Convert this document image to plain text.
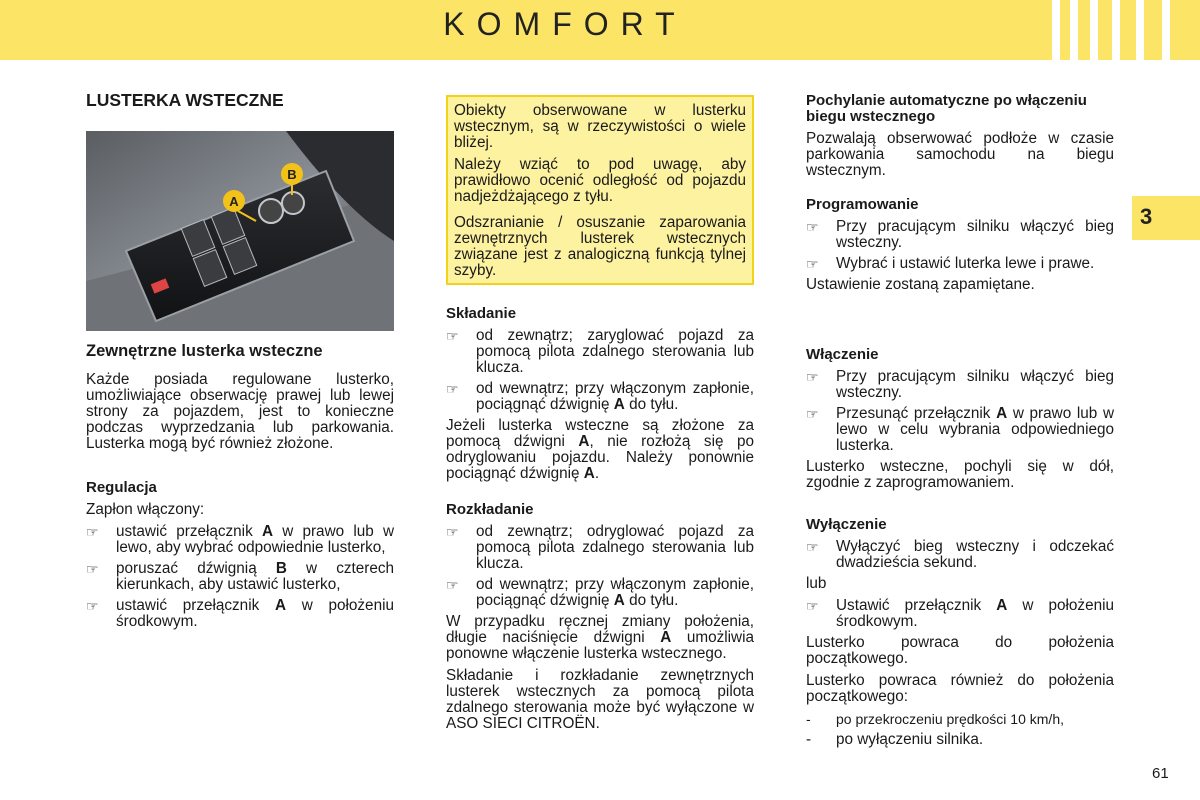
KOMFORT
3
LUSTERKA WSTECZNE
A
B
Zewnętrzne lusterka wsteczne

Każde posiada regulowane lusterko, umożliwiające obserwację prawej lub lewej strony za pojazdem, jest to konieczne podczas wyprzedzania lub parkowania. Lusterka mogą być również złożone.

Regulacja

Zapłon włączony:

☞ ustawić przełącznik A w prawo lub w lewo, aby wybrać odpowiednie lusterko,
☞ poruszać dźwignią B w czterech kierunkach, aby ustawić lusterko,
☞ ustawić przełącznik A w położeniu środkowym.

Obiekty obserwowane w lusterku wstecznym, są w rzeczywistości o wiele bliżej.

Należy wziąć to pod uwagę, aby prawidłowo ocenić odległość od pojazdu nadjeżdżającego z tyłu.

Odszranianie / osuszanie zaparowania zewnętrznych lusterek wstecznych związane jest z analogiczną funkcją tylnej szyby.

Składanie
☞ od zewnątrz; zaryglować pojazd za pomocą pilota zdalnego sterowania lub klucza.
☞ od wewnątrz; przy włączonym zapłonie, pociągnąć dźwignię A do tyłu.

Jeżeli lusterka wsteczne są złożone za pomocą dźwigni A, nie rozłożą się po odryglowaniu pojazdu. Należy ponownie pociągnąć dźwignię A.

Rozkładanie
☞ od zewnątrz; odryglować pojazd za pomocą pilota zdalnego sterowania lub klucza.
☞ od wewnątrz; przy włączonym zapłonie, pociągnąć dźwignię A do tyłu.

W przypadku ręcznej zmiany położenia, długie naciśnięcie dźwigni A umożliwia ponowne włączenie lusterka wstecznego.

Składanie i rozkładanie zewnętrznych lusterek wstecznych za pomocą pilota zdalnego sterowania może być wyłączone w ASO SIECI CITROËN.

Pochylanie automatyczne po włączeniu biegu wstecznego

Pozwalają obserwować podłoże w czasie parkowania samochodu na biegu wstecznym.

Programowanie
☞ Przy pracującym silniku włączyć bieg wsteczny.
☞ Wybrać i ustawić luterka lewe i prawe.

Ustawienie zostaną zapamiętane.

Włączenie
☞ Przy pracującym silniku włączyć bieg wsteczny.
☞ Przesunąć przełącznik A w prawo lub w lewo w celu wybrania odpowiedniego lusterka.

Lusterko wsteczne, pochyli się w dół, zgodnie z zaprogramowaniem.

Wyłączenie
☞ Wyłączyć bieg wsteczny i odczekać dwadzieścia sekund.

lub

☞ Ustawić przełącznik A w położeniu środkowym.

Lusterko powraca do położenia początkowego.

Lusterko powraca również do położenia początkowego:

- po przekroczeniu prędkości 10 km/h,
- po wyłączeniu silnika.
61
